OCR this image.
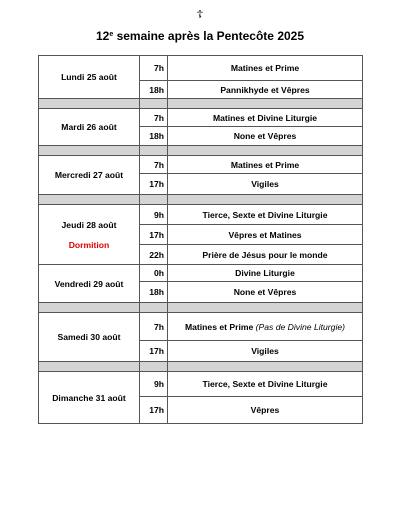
☦
12e semaine après la Pentecôte 2025
Lundi 25 août	7h	Matines et Prime
	18h	Pannikhyde et Vêpres

Mardi 26 août	7h	Matines et Divine Liturgie
	18h	None et Vêpres

Mercredi 27 août	7h	Matines et Prime
	17h	Vigiles

Jeudi 28 août
Dormition	9h	Tierce, Sexte et Divine Liturgie
	17h	Vêpres et Matines
	22h	Prière de Jésus pour le monde

Vendredi 29 août	0h	Divine Liturgie
	18h	None et Vêpres

Samedi 30 août	7h	Matines et Prime (Pas de Divine Liturgie)
	17h	Vigiles

Dimanche 31 août	9h	Tierce, Sexte et Divine Liturgie
	17h	Vêpres
